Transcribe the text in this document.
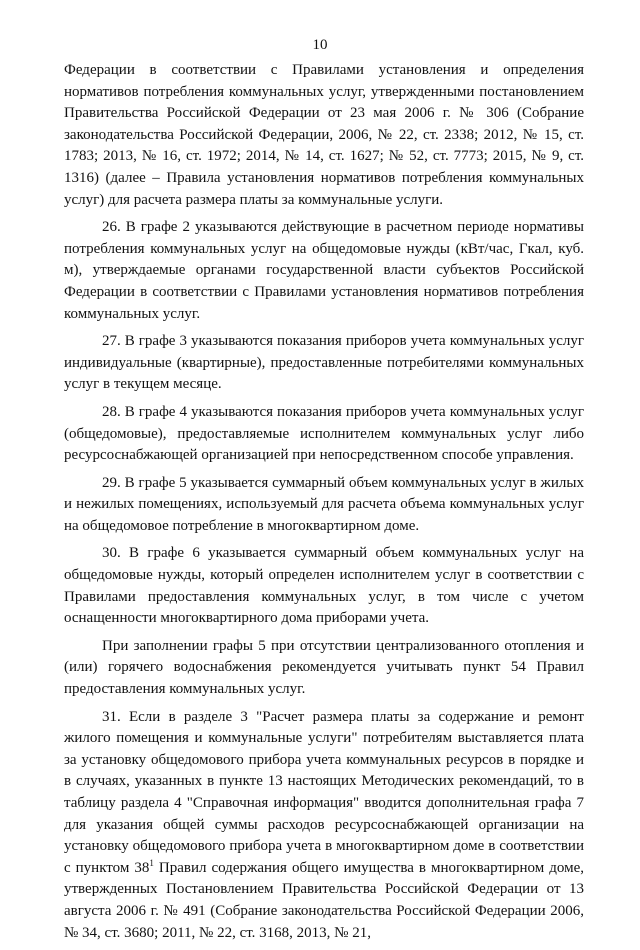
10

Федерации в соответствии с Правилами установления и определения нормативов потребления коммунальных услуг, утвержденными постановлением Правительства Российской Федерации от 23 мая 2006 г. № 306 (Собрание законодательства Российской Федерации, 2006, № 22, ст. 2338; 2012, № 15, ст. 1783; 2013, № 16, ст. 1972; 2014, № 14, ст. 1627; № 52, ст. 7773; 2015, № 9, ст. 1316) (далее – Правила установления нормативов потребления коммунальных услуг) для расчета размера платы за коммунальные услуги.

26. В графе 2 указываются действующие в расчетном периоде нормативы потребления коммунальных услуг на общедомовые нужды (кВт/час, Гкал, куб. м), утверждаемые органами государственной власти субъектов Российской Федерации в соответствии с Правилами установления нормативов потребления коммунальных услуг.

27. В графе 3 указываются показания приборов учета коммунальных услуг индивидуальные (квартирные), предоставленные потребителями коммунальных услуг в текущем месяце.

28. В графе 4 указываются показания приборов учета коммунальных услуг (общедомовые), предоставляемые исполнителем коммунальных услуг либо ресурсоснабжающей организацией при непосредственном способе управления.

29. В графе 5 указывается суммарный объем коммунальных услуг в жилых и нежилых помещениях, используемый для расчета объема коммунальных услуг на общедомовое потребление в многоквартирном доме.

30. В графе 6 указывается суммарный объем коммунальных услуг на общедомовые нужды, который определен исполнителем услуг в соответствии с Правилами предоставления коммунальных услуг, в том числе с учетом оснащенности многоквартирного дома приборами учета.

При заполнении графы 5 при отсутствии централизованного отопления и (или) горячего водоснабжения рекомендуется учитывать пункт 54 Правил предоставления коммунальных услуг.

31. Если в разделе 3 "Расчет размера платы за содержание и ремонт жилого помещения и коммунальные услуги" потребителям выставляется плата за установку общедомового прибора учета коммунальных ресурсов в порядке и в случаях, указанных в пункте 13 настоящих Методических рекомендаций, то в таблицу раздела 4 "Справочная информация" вводится дополнительная графа 7 для указания общей суммы расходов ресурсоснабжающей организации на установку общедомового прибора учета в многоквартирном доме в соответствии с пунктом $38^1$ Правил содержания общего имущества в многоквартирном доме, утвержденных Постановлением Правительства Российской Федерации от 13 августа 2006 г. № 491 (Собрание законодательства Российской Федерации 2006, № 34, ст. 3680; 2011, № 22, ст. 3168, 2013, № 21,
